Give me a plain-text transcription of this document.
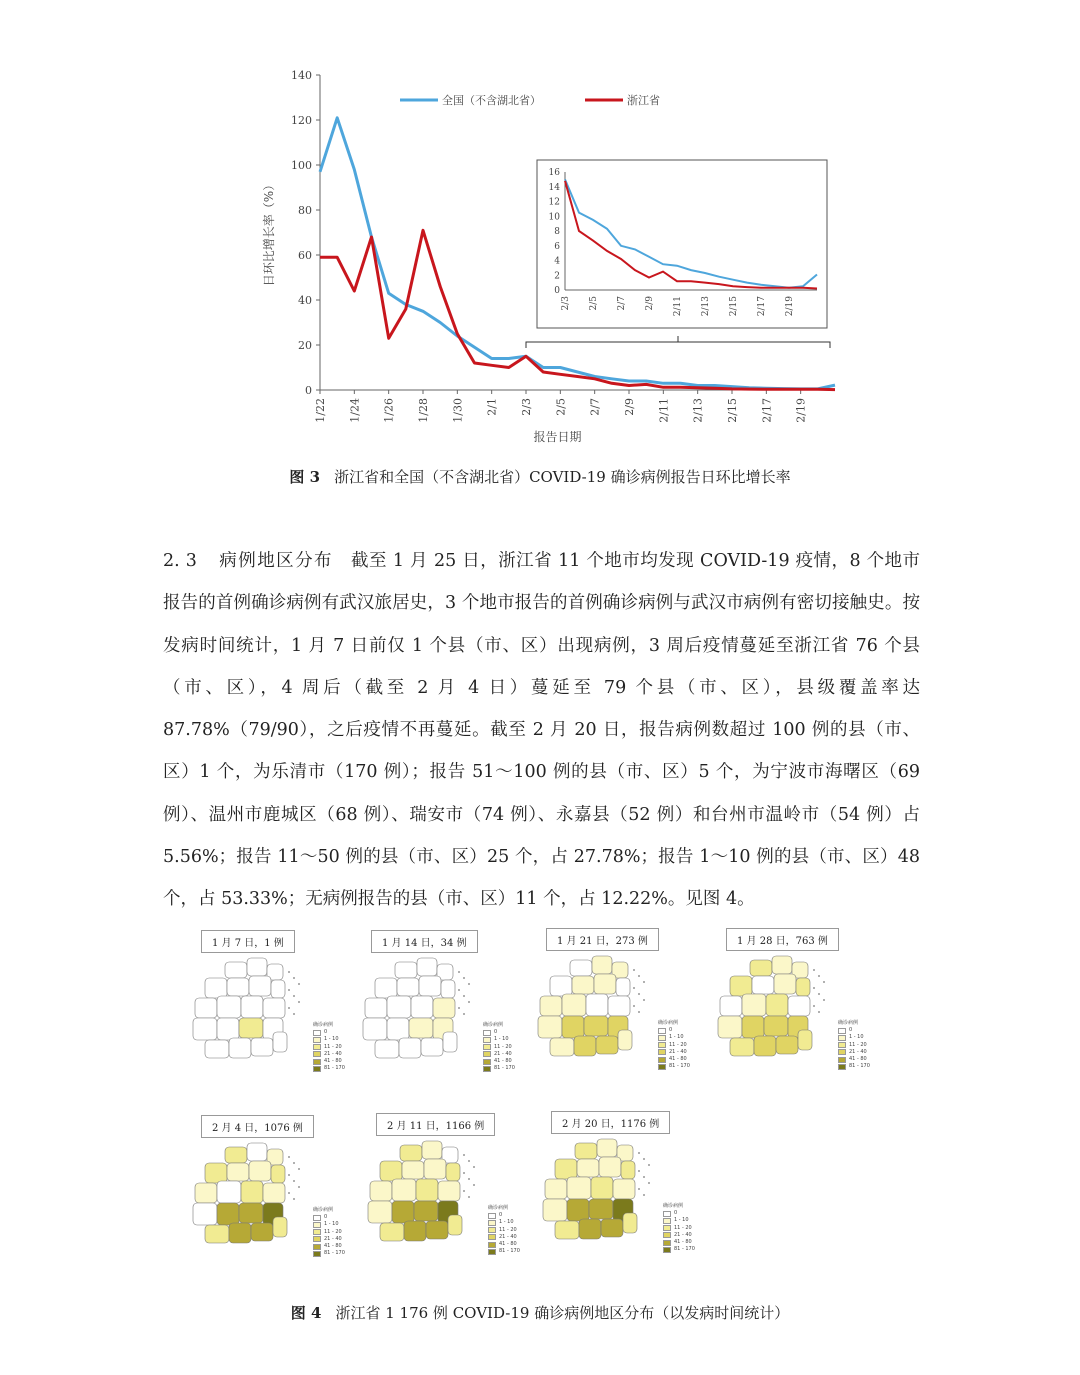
0
20
40
60
80
100
120
140
1/22 1/24 1/26 1/28 1/30 2/1 2/3 2/5 2/7 2/9 2/11 2/13 2/15 2/17 2/19
日环比增长率（%）
报告日期
全国（不含湖北省）	浙江省
0
2
4
6
8
10
12
14
16
2/3 2/5 2/7 2/9 2/11 2/13 2/15 2/17 2/19
图 3 浙江省和全国（不含湖北省）COVID-19 确诊病例报告日环比增长率
2. 3 病例地区分布 截至 1 月 25 日，浙江省 11 个地市均发现 COVID-19 疫情，8 个地市报告的首例确诊病例有武汉旅居史，3 个地市报告的首例确诊病例与武汉市病例有密切接触史。按发病时间统计，1 月 7 日前仅 1 个县（市、区）出现病例，3 周后疫情蔓延至浙江省 76 个县（市、区），4 周后（截至 2 月 4 日）蔓延至 79 个县（市、区），县级覆盖率达 87.78%（79/90），之后疫情不再蔓延。截至 2 月 20 日，报告病例数超过 100 例的县（市、区）1 个，为乐清市（170 例）；报告 51～100 例的县（市、区）5 个，为宁波市海曙区（69 例）、温州市鹿城区（68 例）、瑞安市（74 例）、永嘉县（52 例）和台州市温岭市（54 例）占 5.56%；报告 11～50 例的县（市、区）25 个，占 27.78%；报告 1～10 例的县（市、区）48 个，占 53.33%；无病例报告的县（市、区）11 个，占 12.22%。见图 4。
1 月 7 日，1 例
确诊病例
0
1 - 10
11 - 20
21 - 40
41 - 80
81 - 170
1 月 14 日，34 例
确诊病例
0
1 - 10
11 - 20
21 - 40
41 - 80
81 - 170
1 月 21 日，273 例
确诊病例
0
1 - 10
11 - 20
21 - 40
41 - 80
81 - 170
1 月 28 日，763 例
确诊病例
0
1 - 10
11 - 20
21 - 40
41 - 80
81 - 170
2 月 4 日，1076 例
确诊病例
0
1 - 10
11 - 20
21 - 40
41 - 80
81 - 170
2 月 11 日，1166 例
确诊病例
0
1 - 10
11 - 20
21 - 40
41 - 80
81 - 170
2 月 20 日，1176 例
确诊病例
0
1 - 10
11 - 20
21 - 40
41 - 80
81 - 170
图 4 浙江省 1 176 例 COVID-19 确诊病例地区分布（以发病时间统计）
